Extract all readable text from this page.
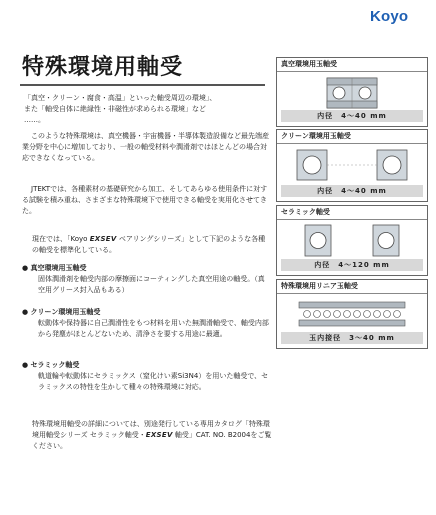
Koyo
特殊環境用軸受
「真空・クリーン・腐食・高温」といった軸受周辺の環境」、
また「軸受自体に絶縁性・非磁性が求められる環境」など
……。
このような特殊環境は、真空機器・宇宙機器・半導体製造設備など最先端産業分野を中心に増加しており、一般の軸受材料や潤滑剤ではほとんどの場合対応できなくなっている。
JTEKTでは、各種素材の基礎研究から加工、そしてあらゆる使用条件に対する試験を積み重ね、さまざまな特殊環境下で使用できる軸受を実用化させてきた。
現在では、「Koyo EXSEV ベアリングシリーズ」として下記のような各種の軸受を標準化している。
● 真空環境用玉軸受
固体潤滑剤を軸受内部の摩擦面にコーティングした真空用途の軸受。（真空用グリース封入品もある）
● クリーン環境用玉軸受
転動体や保持器に自己潤滑性をもつ材料を用いた無潤滑軸受で、軸受内部から発塵がほとんどないため、清浄さを要する用途に最適。
● セラミック軸受
軌道輪や転動体にセラミックス（窒化けい素Si3N4）を用いた軸受で、セラミックスの特性を生かして種々の特殊環境に対応。
特殊環境用軸受の詳細については、別途発行している専用カタログ「特殊環境用軸受シリーズ セラミック軸受・EXSEV 軸受」CAT. NO. B2004をご覧ください。
真空環境用玉軸受
内径　4～40 mm
クリーン環境用玉軸受
内径　4～40 mm
セラミック軸受
内径　4～120 mm
特殊環境用リニア玉軸受
玉内接径　3～40 mm
